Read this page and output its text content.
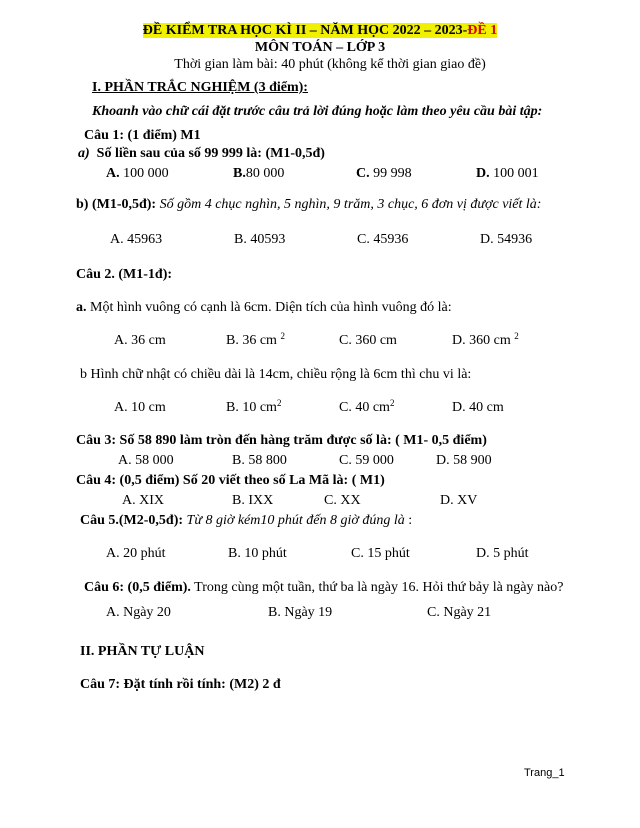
ĐỀ KIỂM TRA HỌC KÌ II – NĂM HỌC 2022 – 2023-ĐỀ 1
MÔN TOÁN – LỚP 3
Thời gian làm bài: 40 phút (không kể thời gian giao đề)
I. PHẦN TRẮC NGHIỆM (3 điểm):
Khoanh vào chữ cái đặt trước câu trả lời đúng hoặc làm theo yêu cầu bài tập:
Câu 1: (1 điểm) M1
a) Số liền sau của số 99 999 là: (M1-0,5đ)
A. 100 000	B.80 000	C. 99 998	D. 100 001
b) (M1-0,5đ): Số gồm 4 chục nghìn, 5 nghìn, 9 trăm, 3 chục, 6 đơn vị được viết là:
A. 45963	B. 40593	C. 45936	D. 54936
Câu 2. (M1-1đ):
a. Một hình vuông có cạnh là 6cm. Diện tích của hình vuông đó là:
A. 36 cm	B. 36 cm $^2$	C. 360 cm	D. 360 cm $^2$
b Hình chữ nhật có chiều dài là 14cm, chiều rộng là 6cm thì chu vi là:
A. 10 cm	B. 10 $cm^2$	C. 40 $cm^2$	D. 40 cm
Câu 3: Số 58 890 làm tròn đến hàng trăm được số là: ( M1- 0,5 điểm)
A. 58 000	B. 58 800	C. 59 000	D. 58 900
Câu 4: (0,5 điểm) Số 20 viết theo số La Mã là: ( M1)
A. XIX	B. IXX	C. XX	D. XV
Câu 5.(M2-0,5đ): Từ 8 giờ kém10 phút đến 8 giờ đúng là :
A. 20 phút	B. 10 phút	C. 15 phút	D. 5 phút
Câu 6: (0,5 điểm). Trong cùng một tuần, thứ ba là ngày 16. Hỏi thứ bảy là ngày nào?
A. Ngày 20	B. Ngày 19	C. Ngày 21
II. PHẦN TỰ LUẬN
Câu 7: Đặt tính rồi tính: (M2) 2 đ
Trang_1
